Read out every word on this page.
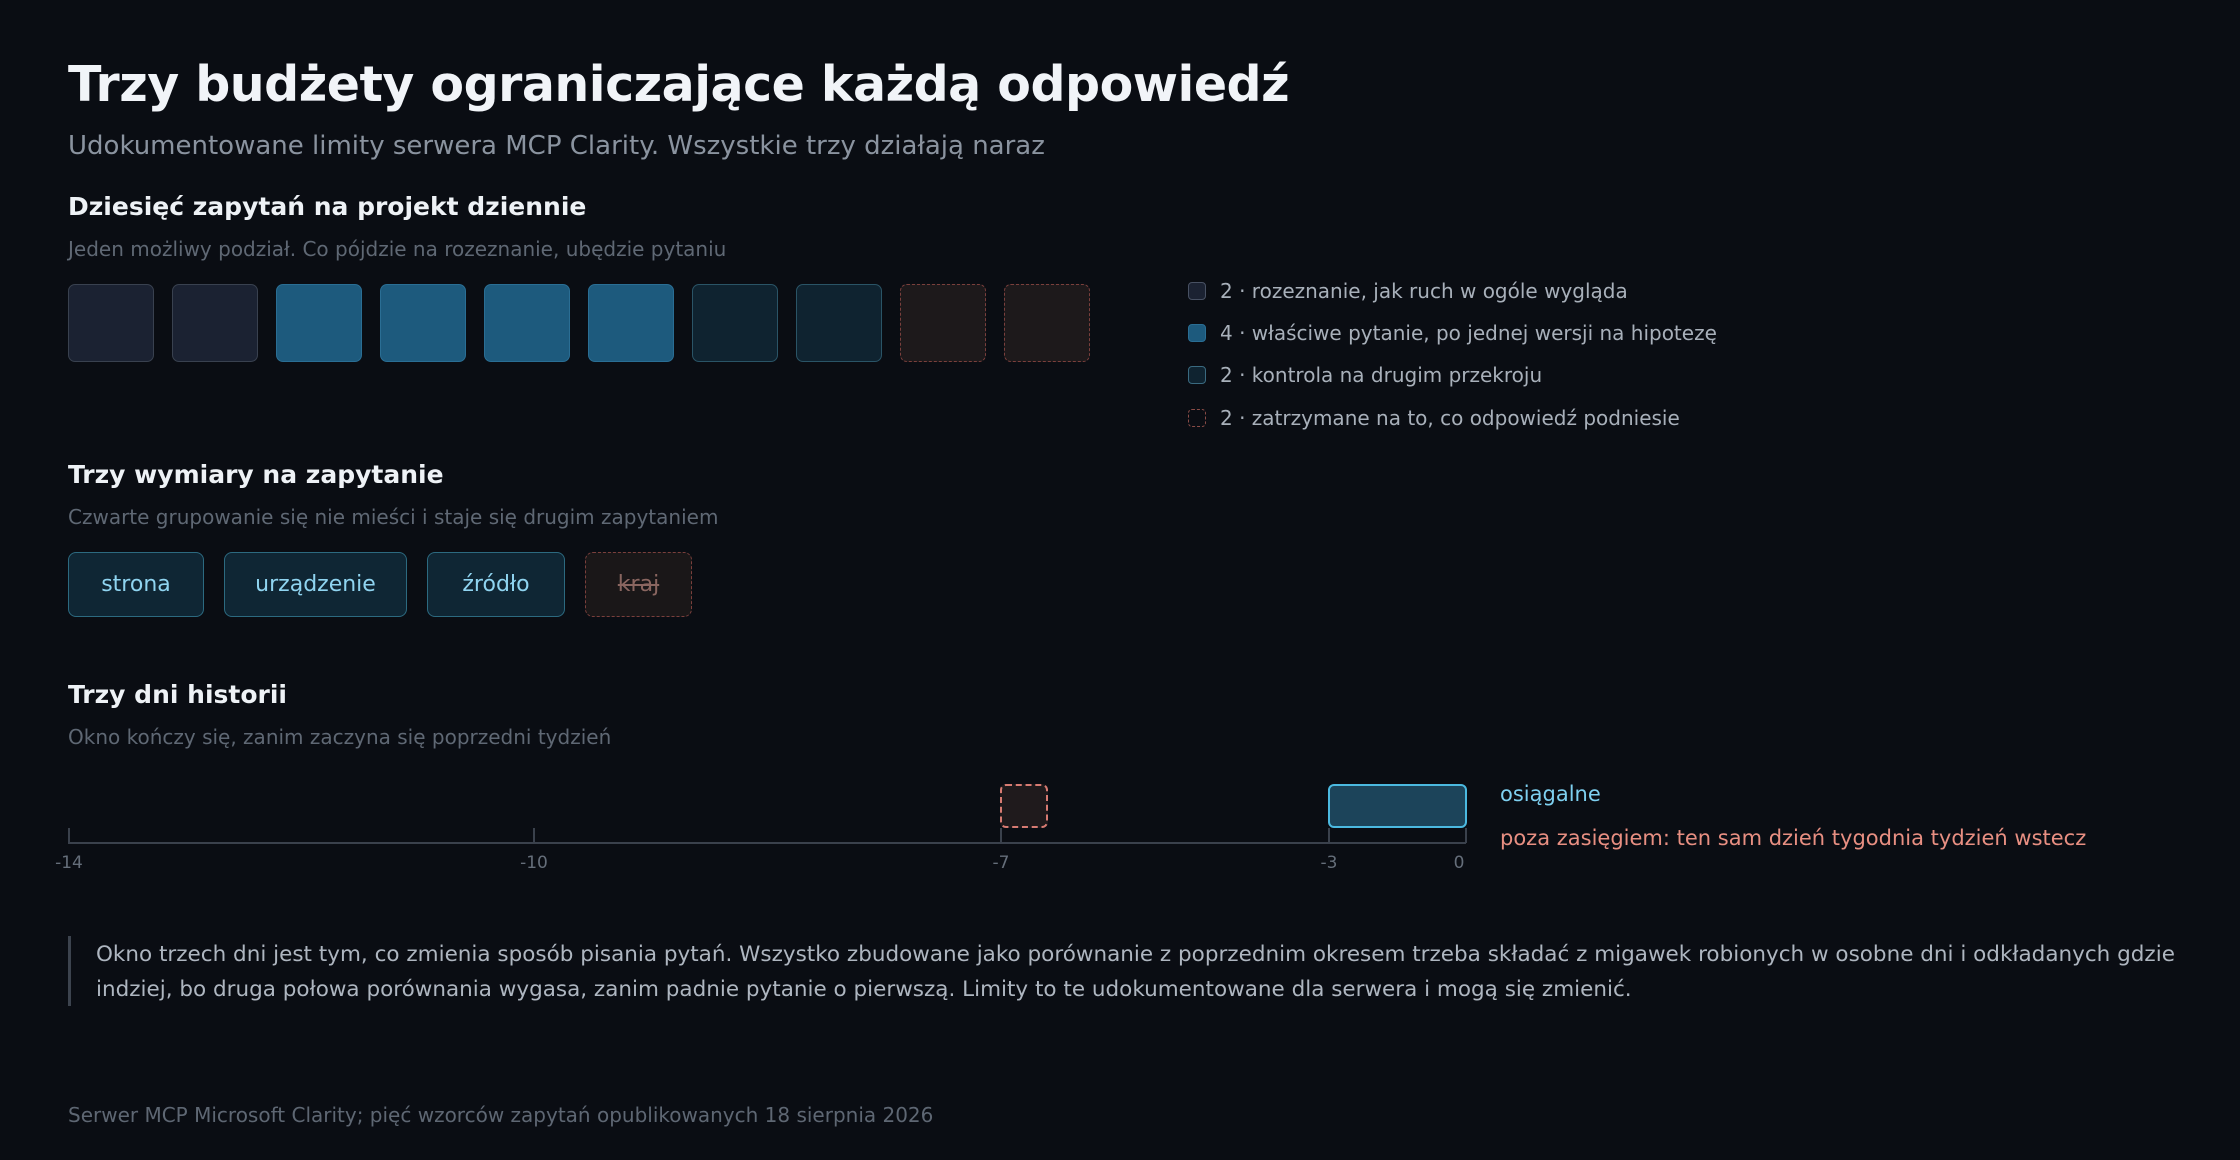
Trzy budżety ograniczające każdą odpowiedź
Udokumentowane limity serwera MCP Clarity. Wszystkie trzy działają naraz
Dziesięć zapytań na projekt dziennie
Jeden możliwy podział. Co pójdzie na rozeznanie, ubędzie pytaniu
2 · rozeznanie, jak ruch w ogóle wygląda
4 · właściwe pytanie, po jednej wersji na hipotezę
2 · kontrola na drugim przekroju
2 · zatrzymane na to, co odpowiedź podniesie
Trzy wymiary na zapytanie
Czwarte grupowanie się nie mieści i staje się drugim zapytaniem
strona	urządzenie	źródło	kraj
Trzy dni historii
Okno kończy się, zanim zaczyna się poprzedni tydzień
-14	-10	-7	-3	0
osiągalne
poza zasięgiem: ten sam dzień tygodnia tydzień wstecz
Okno trzech dni jest tym, co zmienia sposób pisania pytań. Wszystko zbudowane jako porównanie z poprzednim okresem trzeba składać z migawek robionych w osobne dni i odkładanych gdzie indziej, bo druga połowa porównania wygasa, zanim padnie pytanie o pierwszą. Limity to te udokumentowane dla serwera i mogą się zmienić.
Serwer MCP Microsoft Clarity; pięć wzorców zapytań opublikowanych 18 sierpnia 2026
